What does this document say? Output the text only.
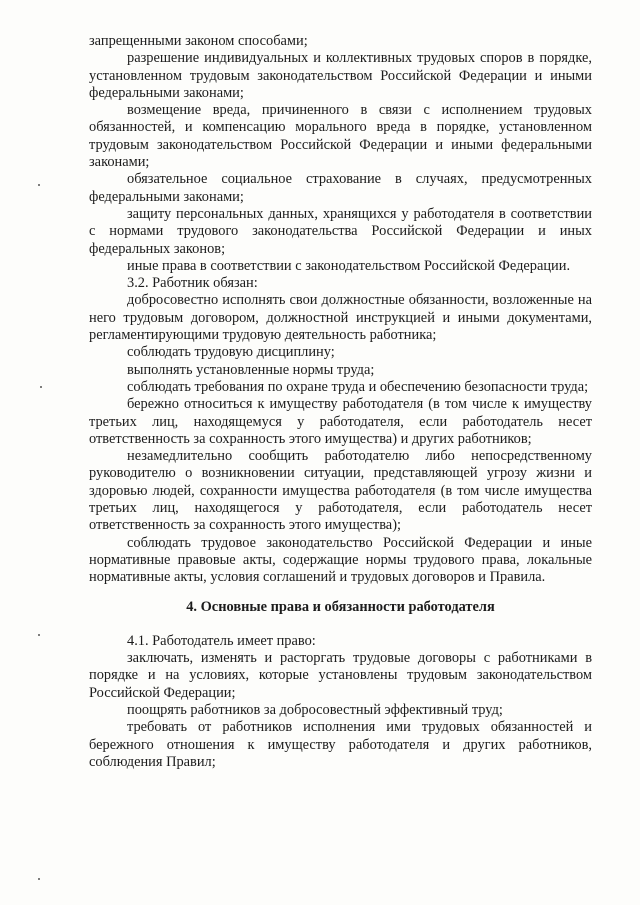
запрещенными законом способами;

разрешение индивидуальных и коллективных трудовых споров в порядке, установленном трудовым законодательством Российской Федерации и иными федеральными законами;

возмещение вреда, причиненного в связи с исполнением трудовых обязанностей, и компенсацию морального вреда в порядке, установленном трудовым законодательством Российской Федерации и иными федеральными законами;

обязательное социальное страхование в случаях, предусмотренных федеральными законами;

защиту персональных данных, хранящихся у работодателя в соответствии с нормами трудового законодательства Российской Федерации и иных федеральных законов;

иные права в соответствии с законодательством Российской Федерации.

3.2. Работник обязан:

добросовестно исполнять свои должностные обязанности, возложенные на него трудовым договором, должностной инструкцией и иными документами, регламентирующими трудовую деятельность работника;

соблюдать трудовую дисциплину;

выполнять установленные нормы труда;

соблюдать требования по охране труда и обеспечению безопасности труда;

бережно относиться к имуществу работодателя (в том числе к имуществу третьих лиц, находящемуся у работодателя, если работодатель несет ответственность за сохранность этого имущества) и других работников;

незамедлительно сообщить работодателю либо непосредственному руководителю о возникновении ситуации, представляющей угрозу жизни и здоровью людей, сохранности имущества работодателя (в том числе имущества третьих лиц, находящегося у работодателя, если работодатель несет ответственность за сохранность этого имущества);

соблюдать трудовое законодательство Российской Федерации и иные нормативные правовые акты, содержащие нормы трудового права, локальные нормативные акты, условия соглашений и трудовых договоров и Правила.

4. Основные права и обязанности работодателя

4.1. Работодатель имеет право:

заключать, изменять и расторгать трудовые договоры с работниками в порядке и на условиях, которые установлены трудовым законодательством Российской Федерации;

поощрять работников за добросовестный эффективный труд;

требовать от работников исполнения ими трудовых обязанностей и бережного отношения к имуществу работодателя и других работников, соблюдения Правил;
